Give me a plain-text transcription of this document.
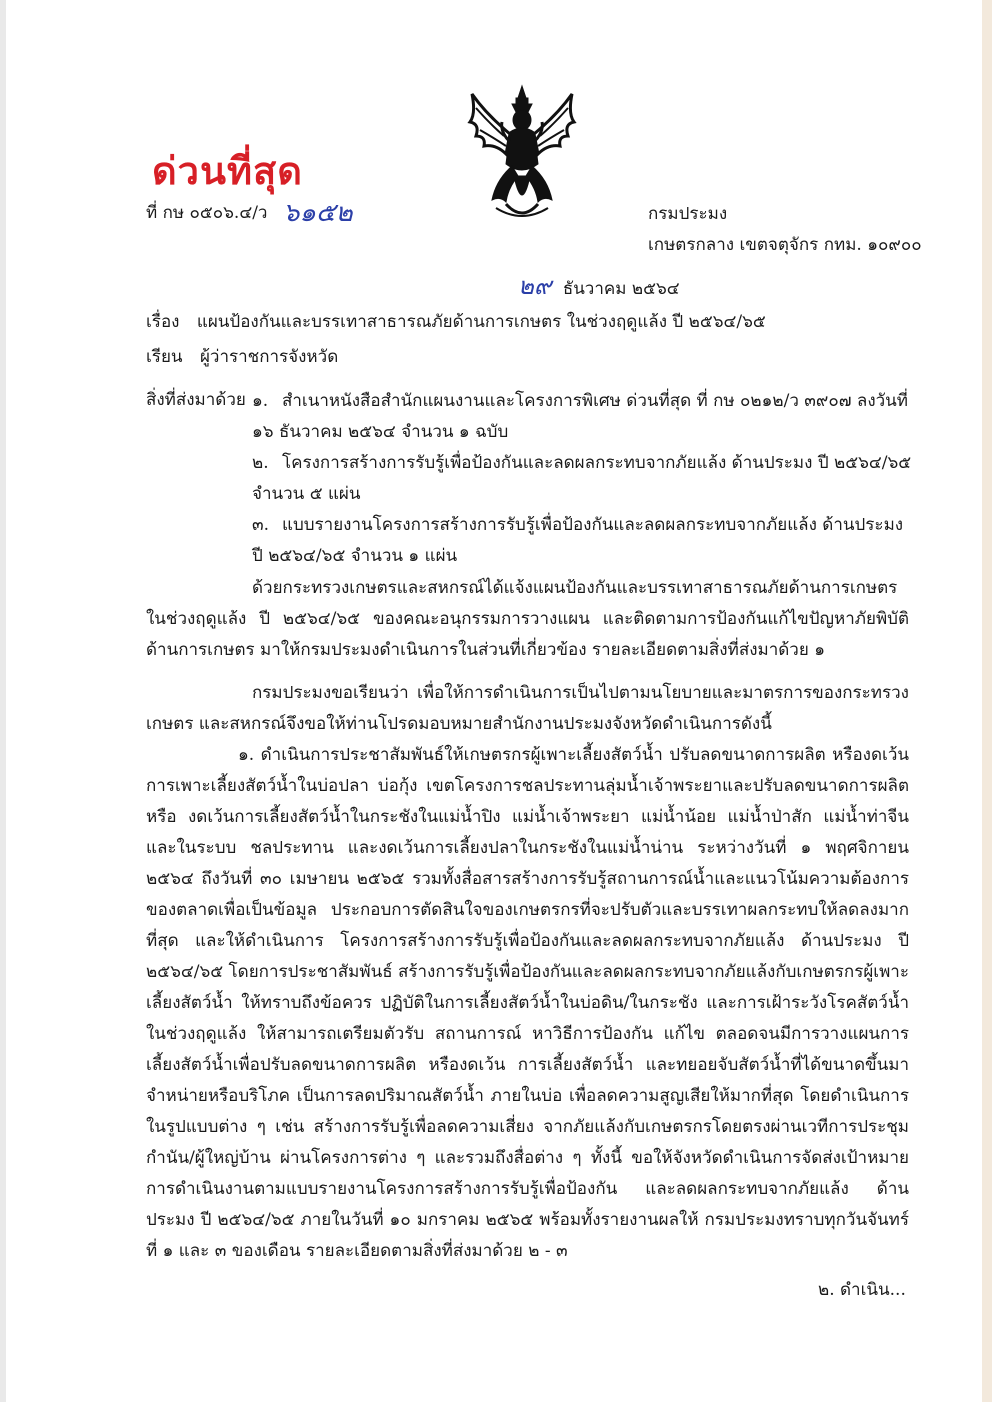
ด่วนที่สุด
ที่ กษ ๐๕๐๖.๔/ว ๖๑๕๒	กรมประมง
เกษตรกลาง เขตจตุจักร กทม. ๑๐๙๐๐
๒๙ ธันวาคม ๒๕๖๔
เรื่อง แผนป้องกันและบรรเทาสาธารณภัยด้านการเกษตร ในช่วงฤดูแล้ง ปี ๒๕๖๔/๖๕
เรียน ผู้ว่าราชการจังหวัด
สิ่งที่ส่งมาด้วย ๑. สำเนาหนังสือสำนักแผนงานและโครงการพิเศษ ด่วนที่สุด ที่ กษ ๐๒๑๒/ว ๓๙๐๗ ลงวันที่ ๑๖ ธันวาคม ๒๕๖๔ จำนวน ๑ ฉบับ
๒. โครงการสร้างการรับรู้เพื่อป้องกันและลดผลกระทบจากภัยแล้ง ด้านประมง ปี ๒๕๖๔/๖๕ จำนวน ๕ แผ่น
๓. แบบรายงานโครงการสร้างการรับรู้เพื่อป้องกันและลดผลกระทบจากภัยแล้ง ด้านประมง ปี ๒๕๖๔/๖๕ จำนวน ๑ แผ่น
ด้วยกระทรวงเกษตรและสหกรณ์ได้แจ้งแผนป้องกันและบรรเทาสาธารณภัยด้านการเกษตร ในช่วงฤดูแล้ง ปี ๒๕๖๔/๖๕ ของคณะอนุกรรมการวางแผน และติดตามการป้องกันแก้ไขปัญหาภัยพิบัติ ด้านการเกษตร มาให้กรมประมงดำเนินการในส่วนที่เกี่ยวข้อง รายละเอียดตามสิ่งที่ส่งมาด้วย ๑
กรมประมงขอเรียนว่า เพื่อให้การดำเนินการเป็นไปตามนโยบายและมาตรการของกระทรวงเกษตร และสหกรณ์จึงขอให้ท่านโปรดมอบหมายสำนักงานประมงจังหวัดดำเนินการดังนี้
๑. ดำเนินการประชาสัมพันธ์ให้เกษตรกรผู้เพาะเลี้ยงสัตว์น้ำ ปรับลดขนาดการผลิต หรืองดเว้น การเพาะเลี้ยงสัตว์น้ำในบ่อปลา บ่อกุ้ง เขตโครงการชลประทานลุ่มน้ำเจ้าพระยาและปรับลดขนาดการผลิตหรือ งดเว้นการเลี้ยงสัตว์น้ำในกระชังในแม่น้ำปิง แม่น้ำเจ้าพระยา แม่น้ำน้อย แม่น้ำป่าสัก แม่น้ำท่าจีน และในระบบ ชลประทาน และงดเว้นการเลี้ยงปลาในกระชังในแม่น้ำน่าน ระหว่างวันที่ ๑ พฤศจิกายน ๒๕๖๔ ถึงวันที่ ๓๐ เมษายน ๒๕๖๕ รวมทั้งสื่อสารสร้างการรับรู้สถานการณ์น้ำและแนวโน้มความต้องการของตลาดเพื่อเป็นข้อมูล ประกอบการตัดสินใจของเกษตรกรที่จะปรับตัวและบรรเทาผลกระทบให้ลดลงมากที่สุด และให้ดำเนินการ โครงการสร้างการรับรู้เพื่อป้องกันและลดผลกระทบจากภัยแล้ง ด้านประมง ปี ๒๕๖๔/๖๕ โดยการประชาสัมพันธ์ สร้างการรับรู้เพื่อป้องกันและลดผลกระทบจากภัยแล้งกับเกษตรกรผู้เพาะเลี้ยงสัตว์น้ำ ให้ทราบถึงข้อควร ปฏิบัติในการเลี้ยงสัตว์น้ำในบ่อดิน/ในกระชัง และการเฝ้าระวังโรคสัตว์น้ำในช่วงฤดูแล้ง ให้สามารถเตรียมตัวรับ สถานการณ์ หาวิธีการป้องกัน แก้ไข ตลอดจนมีการวางแผนการเลี้ยงสัตว์น้ำเพื่อปรับลดขนาดการผลิต หรืองดเว้น การเลี้ยงสัตว์น้ำ และทยอยจับสัตว์น้ำที่ได้ขนาดขึ้นมาจำหน่ายหรือบริโภค เป็นการลดปริมาณสัตว์น้ำ ภายในบ่อ เพื่อลดความสูญเสียให้มากที่สุด โดยดำเนินการในรูปแบบต่าง ๆ เช่น สร้างการรับรู้เพื่อลดความเสี่ยง จากภัยแล้งกับเกษตรกรโดยตรงผ่านเวทีการประชุมกำนัน/ผู้ใหญ่บ้าน ผ่านโครงการต่าง ๆ และรวมถึงสื่อต่าง ๆ ทั้งนี้ ขอให้จังหวัดดำเนินการจัดส่งเป้าหมายการดำเนินงานตามแบบรายงานโครงการสร้างการรับรู้เพื่อป้องกัน และลดผลกระทบจากภัยแล้ง ด้านประมง ปี ๒๕๖๔/๖๕ ภายในวันที่ ๑๐ มกราคม ๒๕๖๕ พร้อมทั้งรายงานผลให้ กรมประมงทราบทุกวันจันทร์ที่ ๑ และ ๓ ของเดือน รายละเอียดตามสิ่งที่ส่งมาด้วย ๒ - ๓
๒. ดำเนิน...
